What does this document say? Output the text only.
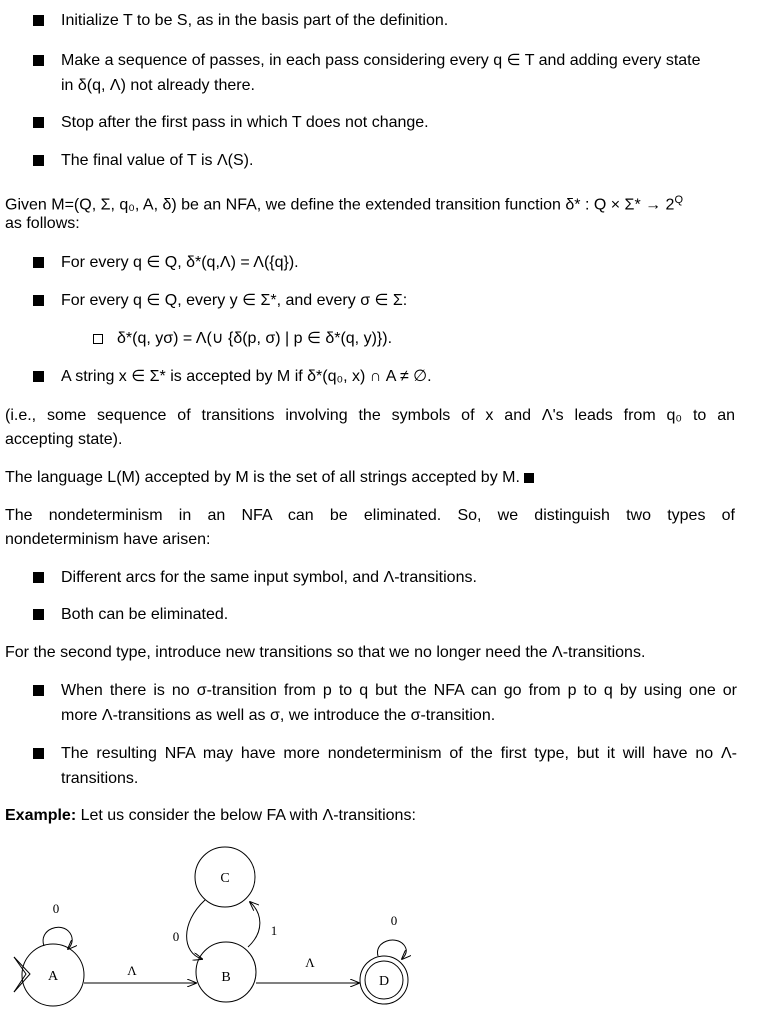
Initialize T to be S, as in the basis part of the definition.
Make a sequence of passes, in each pass considering every q ∈ T and adding every state
in δ(q, Λ) not already there.
Stop after the first pass in which T does not change.
The final value of T is Λ(S).
Given M=(Q, Σ, q₀, A, δ) be an NFA, we define the extended transition function δ* : $Q \times \Sigma* \to 2^Q$
as follows:
For every q ∈ Q, δ*(q,Λ) = Λ({q}).
For every q ∈ Q, every y ∈ Σ*, and every σ ∈ Σ:
δ*(q, yσ) = Λ(∪ {δ(p, σ) | p ∈ δ*(q, y)}).
A string x ∈ Σ* is accepted by M if δ*(q₀, x) ∩ A ≠ ∅.
(i.e., some sequence of transitions involving the symbols of x and Λ's leads from q₀ to an
accepting state).
The language L(M) accepted by M is the set of all strings accepted by M.
The nondeterminism in an NFA can be eliminated. So, we distinguish two types of
nondeterminism have arisen:
Different arcs for the same input symbol, and Λ-transitions.
Both can be eliminated.
For the second type, introduce new transitions so that we no longer need the Λ-transitions.
When there is no σ-transition from p to q but the NFA can go from p to q by using one or
more Λ-transitions as well as σ, we introduce the σ-transition.
The resulting NFA may have more nondeterminism of the first type, but it will have no Λ-
transitions.
Example: Let us consider the below FA with Λ-transitions:
A
0
Λ
C
B
0	1
Λ
D
0
